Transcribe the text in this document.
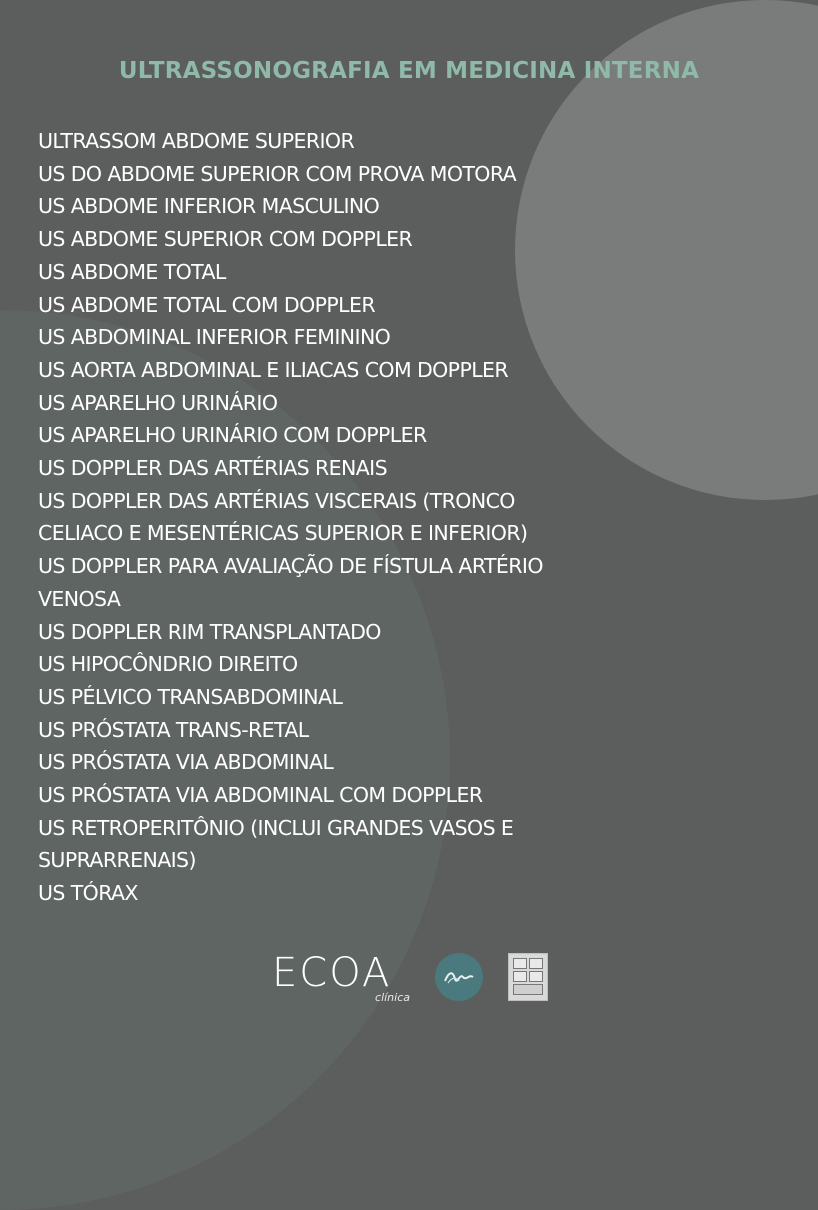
ULTRASSONOGRAFIA EM MEDICINA INTERNA
ULTRASSOM ABDOME SUPERIOR
US DO ABDOME SUPERIOR COM PROVA MOTORA
US ABDOME INFERIOR MASCULINO
US ABDOME SUPERIOR COM DOPPLER
US ABDOME TOTAL
US ABDOME TOTAL COM DOPPLER
US ABDOMINAL INFERIOR FEMININO
US AORTA ABDOMINAL E ILIACAS COM DOPPLER
US APARELHO URINÁRIO
US APARELHO URINÁRIO COM DOPPLER
US DOPPLER DAS ARTÉRIAS RENAIS
US DOPPLER DAS ARTÉRIAS VISCERAIS (TRONCO
CELIACO E MESENTÉRICAS SUPERIOR E INFERIOR)
US DOPPLER PARA AVALIAÇÃO DE FÍSTULA ARTÉRIO
VENOSA
US DOPPLER RIM TRANSPLANTADO
US HIPOCÔNDRIO DIREITO
US PÉLVICO TRANSABDOMINAL
US PRÓSTATA TRANS-RETAL
US PRÓSTATA VIA ABDOMINAL
US PRÓSTATA VIA ABDOMINAL COM DOPPLER
US RETROPERITÔNIO (INCLUI GRANDES VASOS E
SUPRARRENAIS)
US TÓRAX
ECOA
clínica
